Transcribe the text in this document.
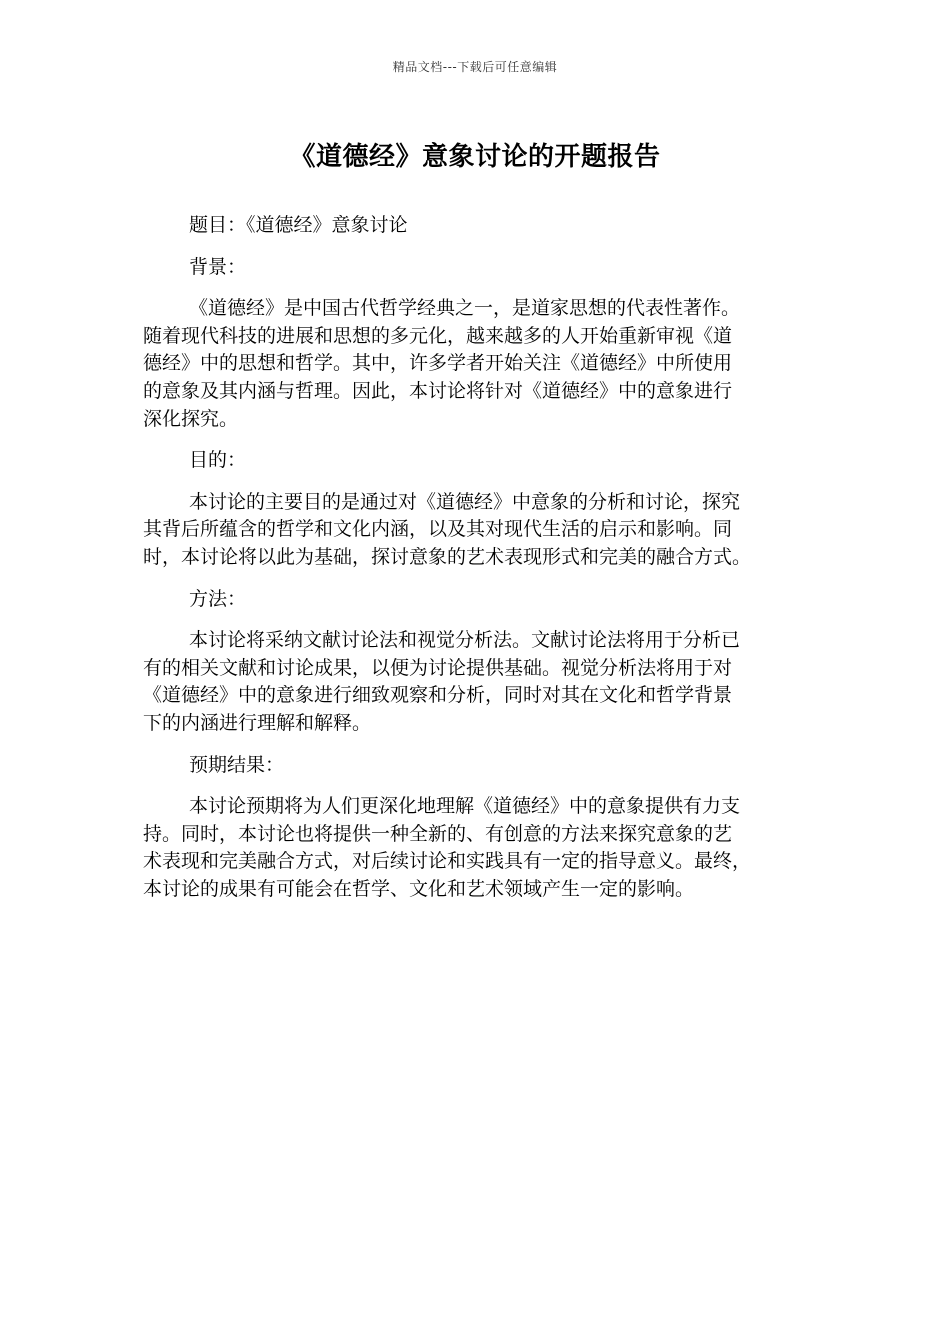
精品文档---下载后可任意编辑
《道德经》意象讨论的开题报告
题目：《道德经》意象讨论
背景：
《道德经》是中国古代哲学经典之一，是道家思想的代表性著作。
随着现代科技的进展和思想的多元化，越来越多的人开始重新审视《道
德经》中的思想和哲学。其中，许多学者开始关注《道德经》中所使用
的意象及其内涵与哲理。因此，本讨论将针对《道德经》中的意象进行
深化探究。
目的：
本讨论的主要目的是通过对《道德经》中意象的分析和讨论，探究
其背后所蕴含的哲学和文化内涵，以及其对现代生活的启示和影响。同
时，本讨论将以此为基础，探讨意象的艺术表现形式和完美的融合方式。
方法：
本讨论将采纳文献讨论法和视觉分析法。文献讨论法将用于分析已
有的相关文献和讨论成果，以便为讨论提供基础。视觉分析法将用于对
《道德经》中的意象进行细致观察和分析，同时对其在文化和哲学背景
下的内涵进行理解和解释。
预期结果：
本讨论预期将为人们更深化地理解《道德经》中的意象提供有力支
持。同时，本讨论也将提供一种全新的、有创意的方法来探究意象的艺
术表现和完美融合方式，对后续讨论和实践具有一定的指导意义。最终，
本讨论的成果有可能会在哲学、文化和艺术领域产生一定的影响。
